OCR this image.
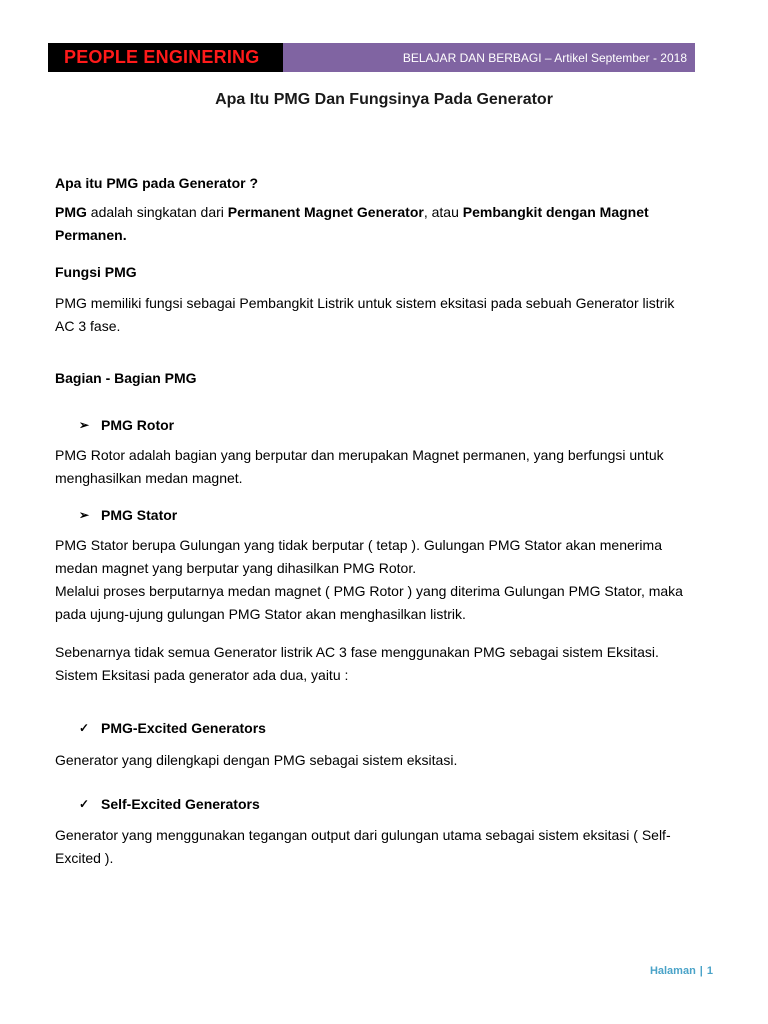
PEOPLE ENGINERING	BELAJAR DAN BERBAGI – Artikel September - 2018
Apa Itu PMG Dan Fungsinya Pada Generator

Apa itu PMG pada Generator ?

PMG adalah singkatan dari Permanent Magnet Generator, atau Pembangkit dengan Magnet Permanen.

Fungsi PMG

PMG memiliki fungsi sebagai Pembangkit Listrik untuk sistem eksitasi pada sebuah Generator listrik AC 3 fase.

Bagian - Bagian PMG

➢ PMG Rotor

PMG Rotor adalah bagian yang berputar dan merupakan Magnet permanen, yang berfungsi untuk menghasilkan medan magnet.

➢ PMG Stator

PMG Stator berupa Gulungan yang tidak berputar ( tetap ). Gulungan PMG Stator akan menerima medan magnet yang berputar yang dihasilkan PMG Rotor.

Melalui proses berputarnya medan magnet ( PMG Rotor ) yang diterima Gulungan PMG Stator, maka pada ujung-ujung gulungan PMG Stator akan menghasilkan listrik.

Sebenarnya tidak semua Generator listrik AC 3 fase menggunakan PMG sebagai sistem Eksitasi. Sistem Eksitasi pada generator ada dua, yaitu :

✓ PMG-Excited Generators

Generator yang dilengkapi dengan PMG sebagai sistem eksitasi.

✓ Self-Excited Generators

Generator yang menggunakan tegangan output dari gulungan utama sebagai sistem eksitasi ( Self-Excited ).

Halaman | 1
